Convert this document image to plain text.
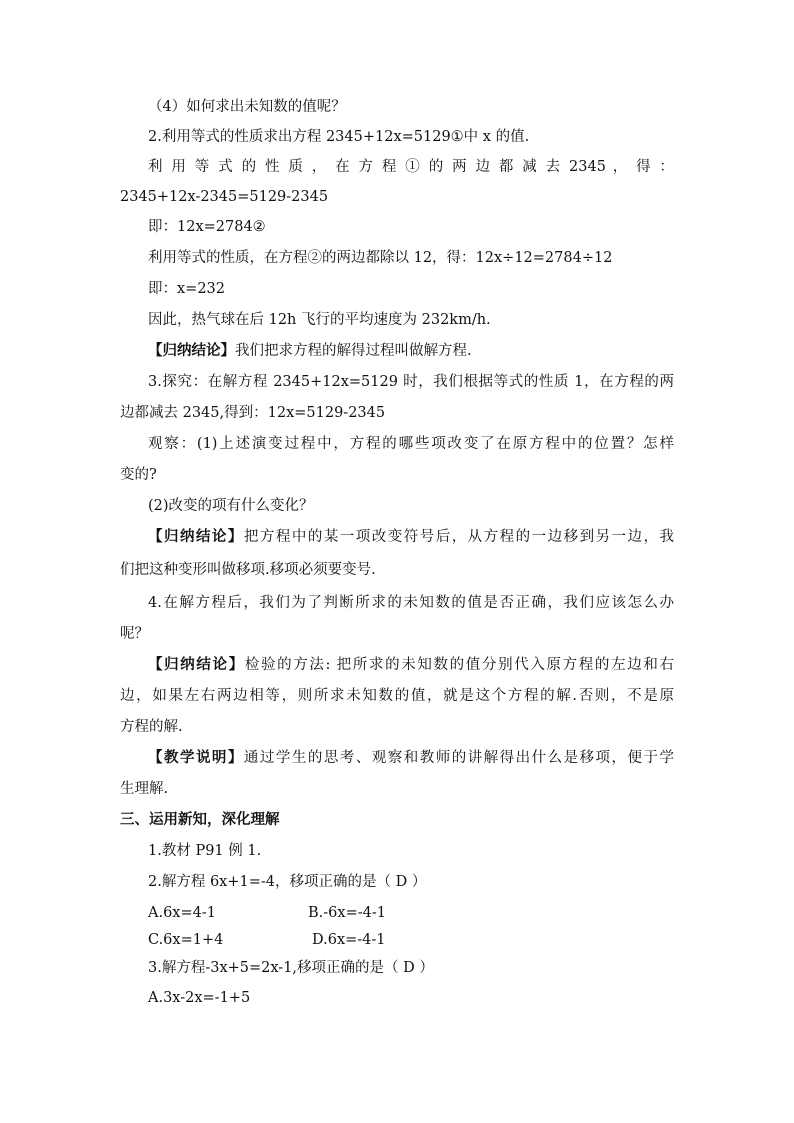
（4）如何求出未知数的值呢？
2.利用等式的性质求出方程 2345+12x=5129①中 x 的值.
利 用 等 式 的 性 质 ， 在 方 程 ① 的 两 边 都 减 去 2345 ， 得 ：
2345+12x-2345=5129-2345
即：12x=2784②
利用等式的性质，在方程②的两边都除以 12，得：12x÷12=2784÷12
即：x=232
因此，热气球在后 12h 飞行的平均速度为 232km/h.
【归纳结论】我们把求方程的解得过程叫做解方程.
3.探究：在解方程 2345+12x=5129 时，我们根据等式的性质 1，在方程的两
边都减去 2345,得到：12x=5129-2345
观察：(1)上述演变过程中，方程的哪些项改变了在原方程中的位置？怎样
变的?
(2)改变的项有什么变化？
【归纳结论】把方程中的某一项改变符号后，从方程的一边移到另一边，我
们把这种变形叫做移项.移项必须要变号.
4.在解方程后，我们为了判断所求的未知数的值是否正确，我们应该怎么办
呢？
【归纳结论】检验的方法: 把所求的未知数的值分别代入原方程的左边和右
边，如果左右两边相等，则所求未知数的值，就是这个方程的解.否则，不是原
方程的解.
【教学说明】通过学生的思考、观察和教师的讲解得出什么是移项，便于学
生理解.
三、运用新知，深化理解
1.教材 P91 例 1.
2.解方程 6x+1=-4，移项正确的是（ D ）
A.6x=4-1	B.-6x=-4-1
C.6x=1+4	D.6x=-4-1
3.解方程-3x+5=2x-1,移项正确的是（ D ）
A.3x-2x=-1+5
